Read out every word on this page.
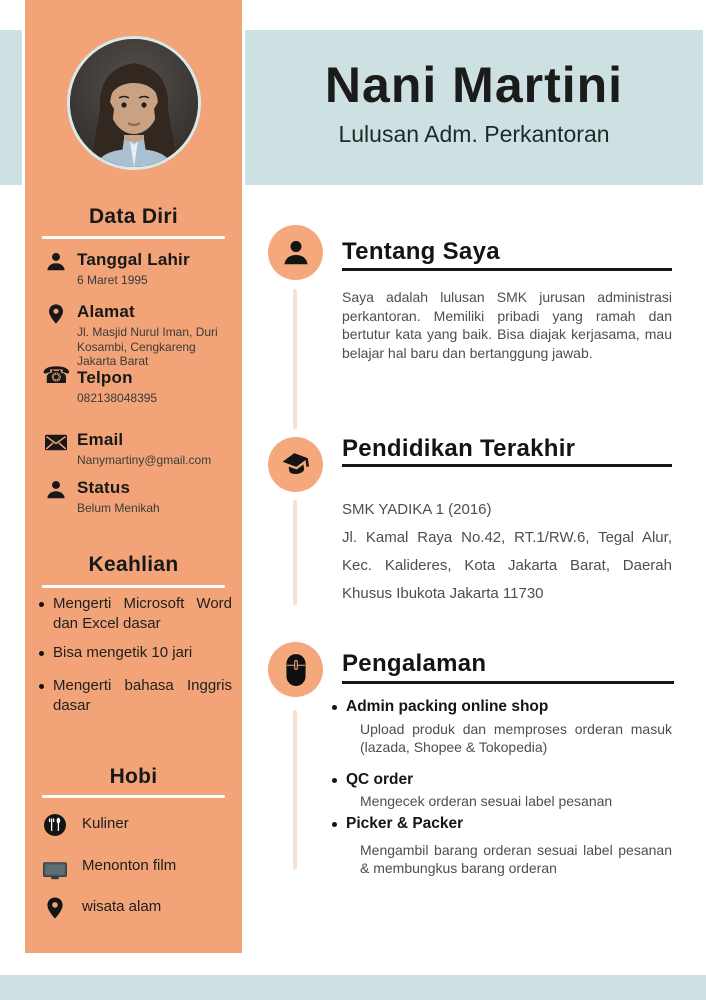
Data Diri
Tanggal Lahir
6 Maret 1995
Alamat
Jl. Masjid Nurul Iman, Duri Kosambi, Cengkareng Jakarta Barat
☎ Telpon
082138048395
Email
Nanymartiny@gmail.com
Status
Belum Menikah
Keahlian
Mengerti Microsoft Word dan Excel dasar
Bisa mengetik 10 jari
Mengerti bahasa Inggris dasar
Hobi
Kuliner
Menonton film
wisata alam
Nani Martini
Lulusan Adm. Perkantoran
Tentang Saya
Saya adalah lulusan SMK jurusan administrasi perkantoran. Memiliki pribadi yang ramah dan bertutur kata yang baik. Bisa diajak kerjasama, mau belajar hal baru dan bertanggung jawab.
Pendidikan Terakhir
SMK YADIKA 1 (2016)
Jl. Kamal Raya No.42, RT.1/RW.6, Tegal Alur, Kec. Kalideres, Kota Jakarta Barat, Daerah Khusus Ibukota Jakarta 11730
Pengalaman
Admin packing online shop
Upload produk dan memproses orderan masuk (lazada, Shopee & Tokopedia)
QC order
Mengecek orderan sesuai label pesanan
Picker & Packer
Mengambil barang orderan sesuai label pesanan & membungkus barang orderan
